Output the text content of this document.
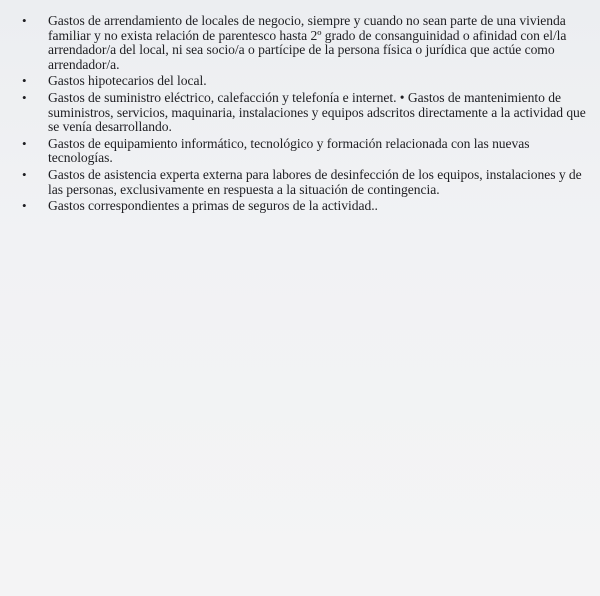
• Gastos de arrendamiento de locales de negocio, siempre y cuando no sean parte de una vivienda familiar y no exista relación de parentesco hasta 2º grado de consanguinidad o afinidad con el/la arrendador/a del local, ni sea socio/a o partícipe de la persona física o jurídica que actúe como arrendador/a.
• Gastos hipotecarios del local.
• Gastos de suministro eléctrico, calefacción y telefonía e internet. • Gastos de mantenimiento de suministros, servicios, maquinaria, instalaciones y equipos adscritos directamente a la actividad que se venía desarrollando.
• Gastos de equipamiento informático, tecnológico y formación relacionada con las nuevas tecnologías.
• Gastos de asistencia experta externa para labores de desinfección de los equipos, instalaciones y de las personas, exclusivamente en respuesta a la situación de contingencia.
• Gastos correspondientes a primas de seguros de la actividad..
